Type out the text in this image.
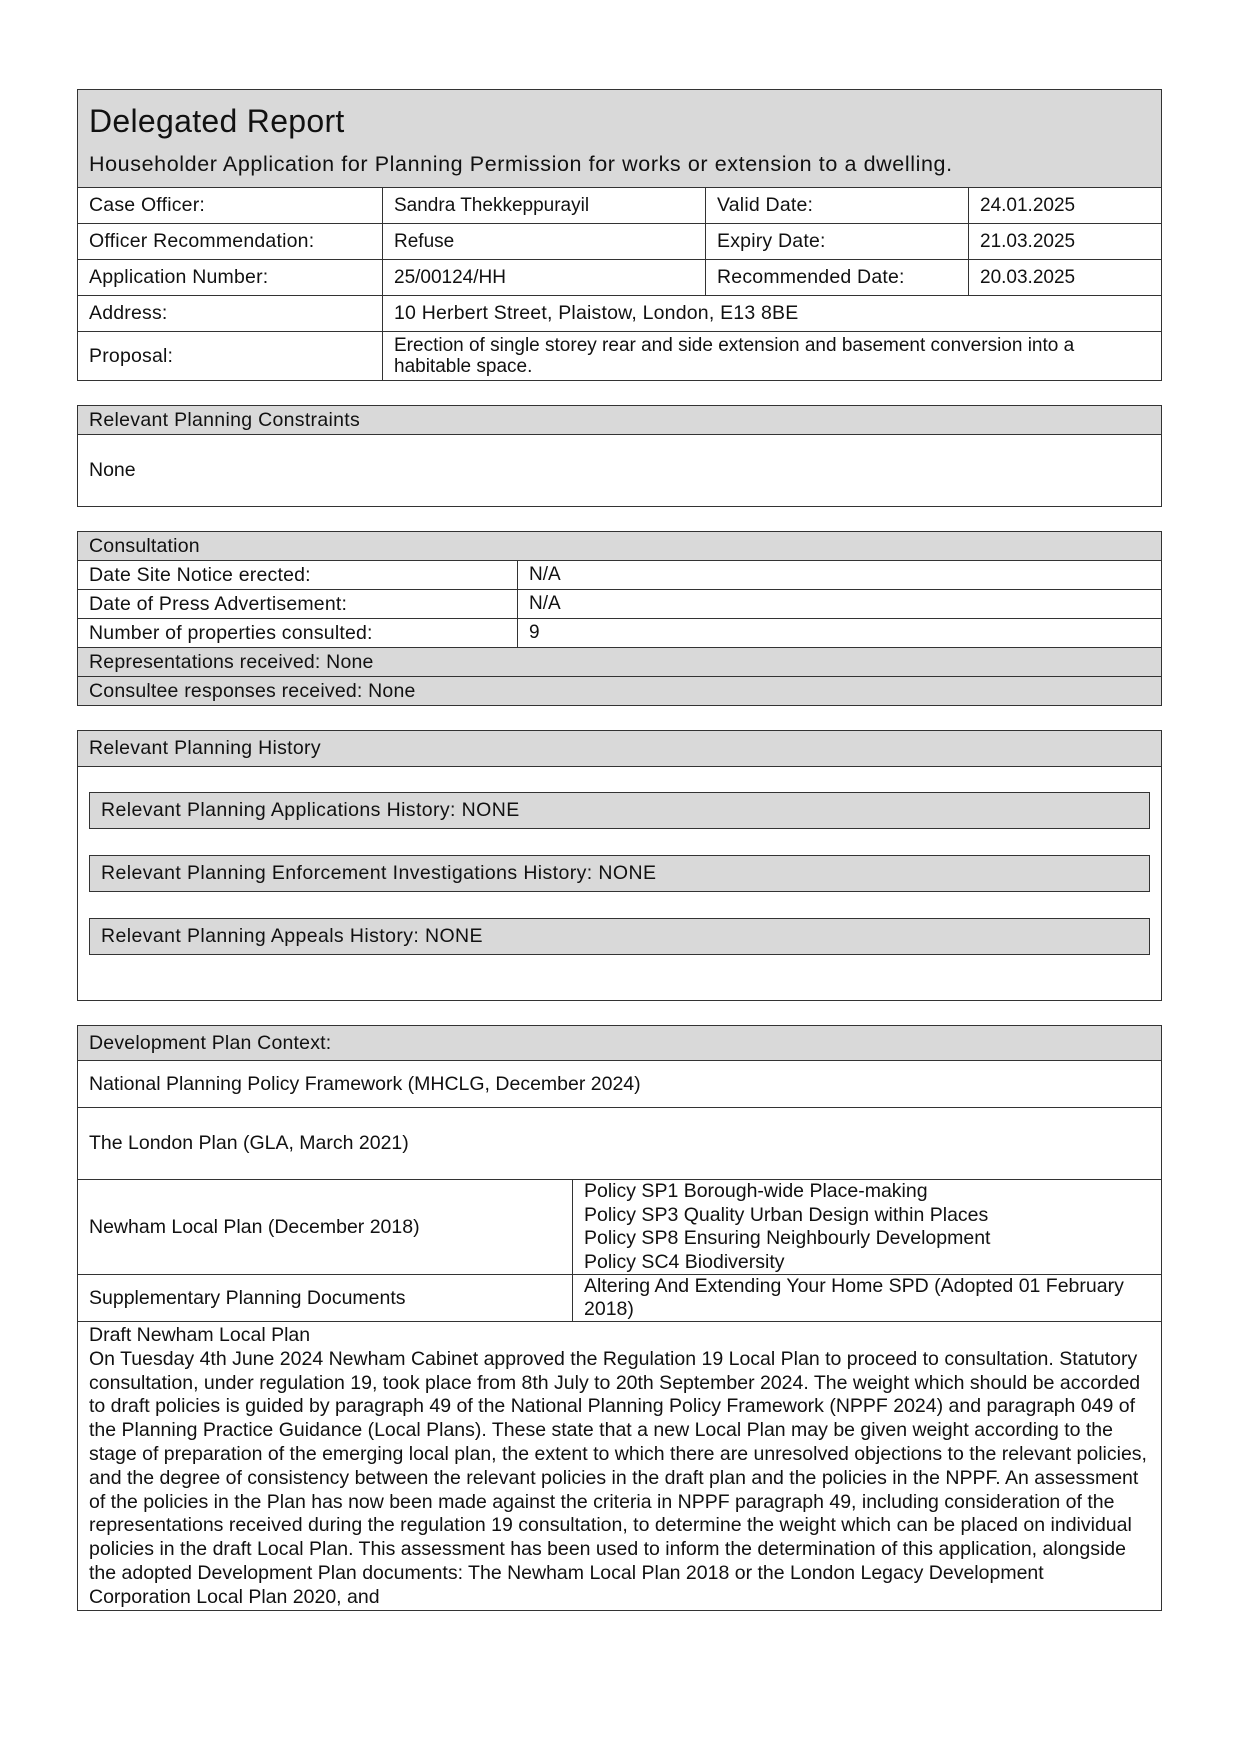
Delegated Report
Householder Application for Planning Permission for works or extension to a dwelling.			

Case Officer:	Sandra Thekkeppurayil	Valid Date:	24.01.2025
Officer Recommendation:	Refuse	Expiry Date:	21.03.2025
Application Number:	25/00124/HH	Recommended Date:	20.03.2025
Address:	10 Herbert Street, Plaistow, London, E13 8BE		
Proposal:	Erection of single storey rear and side extension and basement conversion into a habitable space.		
Relevant Planning Constraints
None
Consultation	
Date Site Notice erected:	N/A
Date of Press Advertisement:	N/A
Number of properties consulted:	9
Representations received: None	
Consultee responses received: None	
Relevant Planning History
Relevant Planning Applications History: NONE
Relevant Planning Enforcement Investigations History: NONE
Relevant Planning Appeals History: NONE
Development Plan Context:	
National Planning Policy Framework (MHCLG, December 2024)	
The London Plan (GLA, March 2021)	
Newham Local Plan (December 2018)	Policy SP1 Borough-wide Place-making
Policy SP3 Quality Urban Design within Places
Policy SP8 Ensuring Neighbourly Development
Policy SC4 Biodiversity

Supplementary Planning Documents	Altering And Extending Your Home SPD (Adopted 01 February 2018)

Draft Newham Local Plan
On Tuesday 4th June 2024 Newham Cabinet approved the Regulation 19 Local Plan to proceed to consultation. Statutory consultation, under regulation 19, took place from 8th July to 20th September 2024. The weight which should be accorded to draft policies is guided by paragraph 49 of the National Planning Policy Framework (NPPF 2024) and paragraph 049 of the Planning Practice Guidance (Local Plans). These state that a new Local Plan may be given weight according to the stage of preparation of the emerging local plan, the extent to which there are unresolved objections to the relevant policies, and the degree of consistency between the relevant policies in the draft plan and the policies in the NPPF. An assessment of the policies in the Plan has now been made against the criteria in NPPF paragraph 49, including consideration of the representations received during the regulation 19 consultation, to determine the weight which can be placed on individual policies in the draft Local Plan. This assessment has been used to inform the determination of this application, alongside the adopted Development Plan documents: The Newham Local Plan 2018 or the London Legacy Development Corporation Local Plan 2020, and	
